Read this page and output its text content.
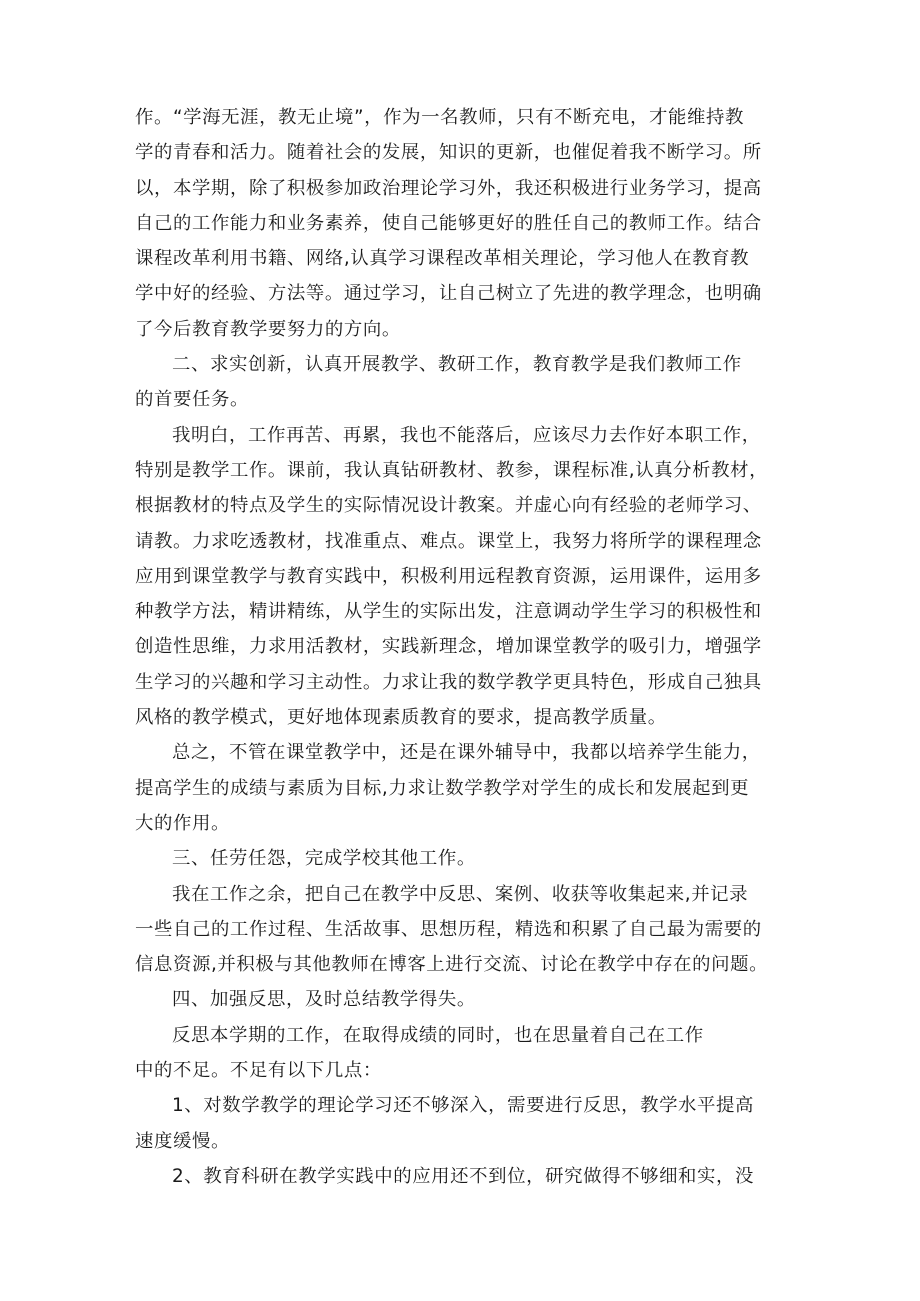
作。“学海无涯，教无止境”，作为一名教师，只有不断充电，才能维持教
学的青春和活力。随着社会的发展，知识的更新，也催促着我不断学习。所
以，本学期，除了积极参加政治理论学习外，我还积极进行业务学习，提高
自己的工作能力和业务素养，使自己能够更好的胜任自己的教师工作。结合
课程改革利用书籍、网络,认真学习课程改革相关理论，学习他人在教育教
学中好的经验、方法等。通过学习，让自己树立了先进的教学理念，也明确
了今后教育教学要努力的方向。

二、求实创新，认真开展教学、教研工作，教育教学是我们教师工作
的首要任务。

我明白，工作再苦、再累，我也不能落后，应该尽力去作好本职工作，
特别是教学工作。课前，我认真钻研教材、教参，课程标准,认真分析教材，
根据教材的特点及学生的实际情况设计教案。并虚心向有经验的老师学习、
请教。力求吃透教材，找准重点、难点。课堂上，我努力将所学的课程理念
应用到课堂教学与教育实践中，积极利用远程教育资源，运用课件，运用多
种教学方法，精讲精练，从学生的实际出发，注意调动学生学习的积极性和
创造性思维，力求用活教材，实践新理念，增加课堂教学的吸引力，增强学
生学习的兴趣和学习主动性。力求让我的数学教学更具特色，形成自己独具
风格的教学模式，更好地体现素质教育的要求，提高教学质量。

总之，不管在课堂教学中，还是在课外辅导中，我都以培养学生能力，
提高学生的成绩与素质为目标,力求让数学教学对学生的成长和发展起到更
大的作用。

三、任劳任怨，完成学校其他工作。

我在工作之余，把自己在教学中反思、案例、收获等收集起来,并记录
一些自己的工作过程、生活故事、思想历程，精选和积累了自己最为需要的
信息资源,并积极与其他教师在博客上进行交流、讨论在教学中存在的问题。

四、加强反思，及时总结教学得失。

反思本学期的工作，在取得成绩的同时，也在思量着自己在工作
中的不足。不足有以下几点：

1、对数学教学的理论学习还不够深入，需要进行反思，教学水平提高
速度缓慢。

2、教育科研在教学实践中的应用还不到位，研究做得不够细和实，没
